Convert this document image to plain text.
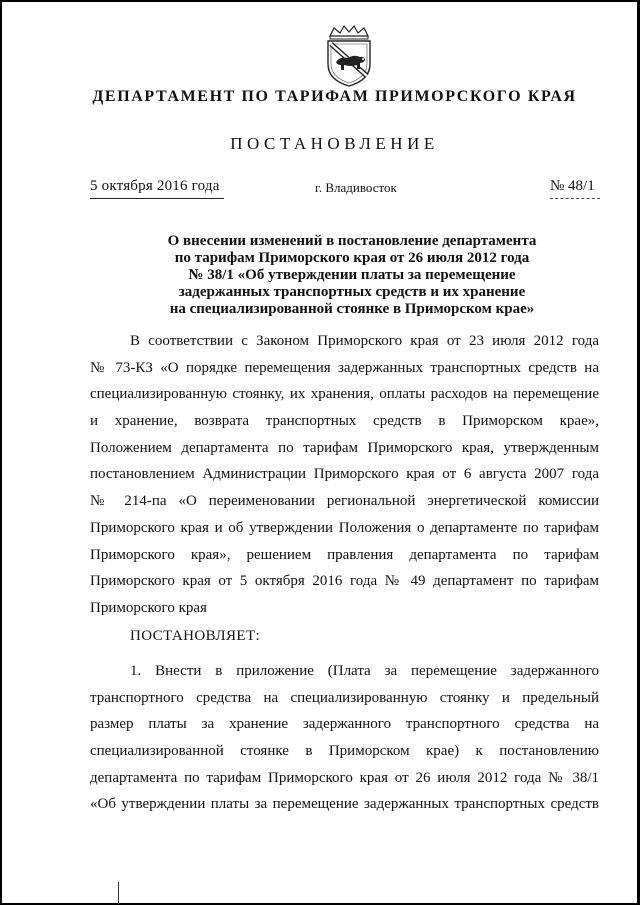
ДЕПАРТАМЕНТ ПО ТАРИФАМ ПРИМОРСКОГО КРАЯ
ПОСТАНОВЛЕНИЕ
5 октября 2016 года	г. Владивосток	№ 48/1
О внесении изменений в постановление департамента
по тарифам Приморского края от 26 июля 2012 года
№ 38/1 «Об утверждении платы за перемещение
задержанных транспортных средств и их хранение
на специализированной стоянке в Приморском крае»
В соответствии с Законом Приморского края от 23 июля 2012 года
№ 73-КЗ «О порядке перемещения задержанных транспортных средств на
специализированную стоянку, их хранения, оплаты расходов на перемещение
и хранение, возврата транспортных средств в Приморском крае»,
Положением департамента по тарифам Приморского края, утвержденным
постановлением Администрации Приморского края от 6 августа 2007 года
№ 214-па «О переименовании региональной энергетической комиссии
Приморского края и об утверждении Положения о департаменте по тарифам
Приморского края», решением правления департамента по тарифам
Приморского края от 5 октября 2016 года № 49 департамент по тарифам
Приморского края
ПОСТАНОВЛЯЕТ:
1. Внести в приложение (Плата за перемещение задержанного
транспортного средства на специализированную стоянку и предельный
размер платы за хранение задержанного транспортного средства на
специализированной стоянке в Приморском крае) к постановлению
департамента по тарифам Приморского края от 26 июля 2012 года № 38/1
«Об утверждении платы за перемещение задержанных транспортных средств
